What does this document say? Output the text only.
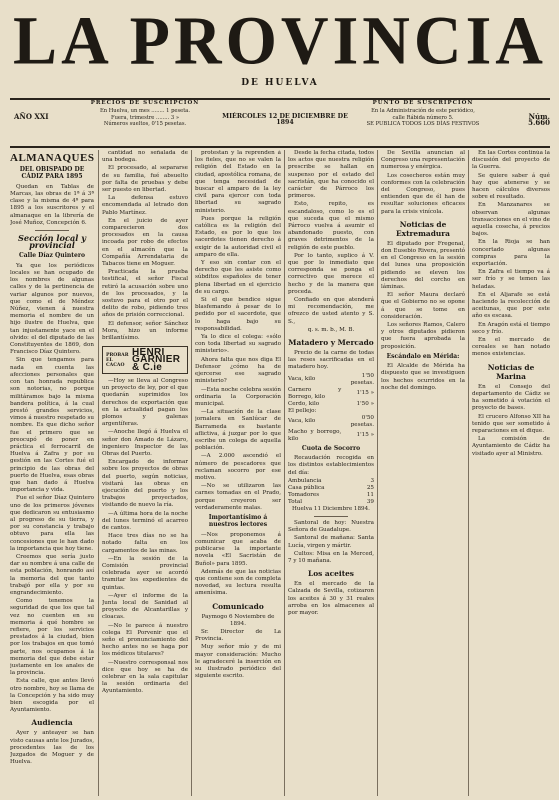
LA PROVINCIA
DE HUELVA
AÑO XXI
PRECIOS DE SUSCRIPCIÓN
En Huelva, un mes ........ 1 peseta.
Fuera, trimestre ........ 3 »
Números sueltos, 0'15 pesetas.
MIÉRCOLES 12 DE DICIEMBRE DE 1894
PUNTO DE SUSCRIPCIÓN
En la Administración de este periódico,
calle Rábida número 5.
SE PUBLICA TODOS LOS DÍAS FESTIVOS
Núm. 5.660
ALMANAQUES
DEL OBISPADO DE CÁDIZ PARA 1895

Quedan en Tablas de Marcas, las obras de 1ª á 3ª clase y la misma de 4ª para 1895 a los suscritores y el almanaque en la librería de José Muñoz, Concepción 6.

Sección local y provincial
Calle Díaz Quintero

Ya que los periódicos locales se han ocupado de los nombres de algunas calles y de la pertinencia de variar algunos por nuevos, que como el de Méndez Núñez, vienen á nuestra memoria el nombre de un hijo ilustre de Huelva, que tan injustamente yace en el olvido: el del diputado de las Constituyentes de 1869, don Francisco Díaz Quintero.

Sin que tengamos para nada en cuenta las afecciones personales que con tan honrada republica son notorias, no porque militáramos bajo la misma bandera política, á la cual prestó grandes servicios, vimos á nuestro respetado su nombre. Es que dicho señor fue el primero que se preocupó de poner en práctica el ferrocarril de Huelva á Zafra y por su gestión en las Cortes fué el principio de las obras del puerto de Huelva, esas obras que han dado á Huelva importancia y vida.

Fue el señor Díaz Quintero uno de los primeros jóvenes que dedicaron su entusiasmo al progreso de su tierra, y por su constancia y trabajo obtuvo para ella las concesiones que le han dado la importancia que hoy tiene.

Creemos que sería justo dar su nombre á una calle de esta población, honrando así la memoria del que tanto trabajó por ella y por su engrandecimiento.

Como tenemos la seguridad de que los que tal vez no cuenten en su memoria á qué hombre se refiere, por los servicios prestados á la ciudad, bien por los trabajos en que tomó parte, nos ocupamos á la memoria del que debe estar justamente en los anales de la provincia.

Esta calle, que antes llevó otro nombre, hoy se llama de la Concepción y ha sido muy bien escogida por el Ayuntamiento.

Audiencia

Ayer y anteayer se han visto causas ante los Jurados, procedentes las de los Juzgados de Moguer y de Huelva.

cantidad no señalada de una bodega.

El procesado, al separarse de su familia, fué absuelto por falta de pruebas y debe ser puesto en libertad.

La defensa estuvo encomendada al letrado don Pablo Martínez.

En el juicio de ayer comparecieron dos procesados en la causa incoada por robo de efectos en el almacén que la Compañía Arrendataria de Tabacos tiene en Moguer.

Practicada la prueba testifical, el señor Fiscal retiró la acusación sobre uno de los procesados, y la sostuvo para el otro por el delito de robo, pidiendo tres años de prisión correccional.

El defensor, señor Sánchez Mora, hizo un informe brillantísimo.

PROBAR EL CACAO
HENRI GARNIER & C.ie

—Hoy se lleva al Congreso un proyecto de ley, por el que quedarán suprimidos los derechos de exportación que en la actualidad pagan los plomos y galenas argentíferas.

—Anoche llegó á Huelva el señor don Amado de Lázaro, ingeniero Inspector de las Obras del Puerto.

Encargado de informar sobre los proyectos de obras del puerto, según noticias, visitará las obras en ejecución del puerto y los trabajos proyectados, visitando de nuevo la ría.

—A última hora de la noche del lunes terminó el acarreo de cantos.

Hace tres días no se ha notado falta en los cargamentos de las minas.

—En la sesión de la Comisión provincial celebrada ayer se acordó tramitar los expedientes de quintas.

—Ayer el informe de la Junta local de Sanidad al proyecto de Alcantarillas y cloacas.

—No le parece á nuestro colega El Porvenir que el seño el pronunciamiento del hecho antes no se haga por los médicos titulares?

—Nuestro corresponsal nos dice que hoy se ha de celebrar en la sala capitular la sesión ordinaria del Ayuntamiento.

protestan y la reprenden á los fieles, que no se valen la religión del Estado en la ciudad, apostólica romana, de que tenga necesidad de buscar el amparo de la ley civil para ejercer con toda libertad su sagrado ministerio.

Pues porque la religión católica es la religión del Estado, es por lo que los sacerdotes tienen derecho á exigir de la autoridad civil el amparo de ella.

Y eso sin contar con el derecho que les asiste como súbditos españoles de tener plena libertad en el ejercicio de su cargo.

Si el que bendice sigue blasfemando á pesar de lo pedido por el sacerdote, que lo haga bajo su responsabilidad.

Ya lo dice el colega: «sólo con toda libertad su sagrado ministerio».

Ahora falta que nos diga El Defensor ¿cómo ha de ejercerse ese sagrado ministerio?

—Esta noche celebra sesión ordinaria la Corporación municipal.

—La situación de la clase jornalera en Sanlúcar de Barrameda es bastante aflictiva, á juzgar por lo que escribe un colega de aquella población.

—A 2.000 ascendió el número de pescadores que reclaman socorro por ese motivo.

—No se utilizaron las carnes tomadas en el Prado, porque creyeron ser verdaderamente malas.

Importantísimo á nuestros lectores

—Nos proponemos á comunicar que acaba de publicarse la importante novela «El Sacristán de Buñol» para 1895.

Además de que las noticias que contiene son de completa novedad, su lectura resulta amenísima.

Comunicado

Paymogo 6 Noviembre de 1894.

Sr. Director de La Provincia.

Muy señor mío y de mi mayor consideración: Mucho le agradeceré la inserción en su ilustrado periódico del siguiente escrito.

Desde la fecha citada, todos los actos que nuestra religión prescribe se hallan en suspenso por el estado del sacristán, que ha conocido el carácter de Párroco los primeros.

Esto, repito, es escandaloso, como lo es el que suceda que el mismo Párroco vuelva á asumir el abandonado puesto, con graves detrimentos de la religión de este pueblo.

Por lo tanto, suplico á V. que por lo inmediato que corresponda se ponga el correctivo que merece el hecho y de la manera que proceda.

Confiado en que atenderá mi recomendación, me ofrezco de usted atento y S. S.,

q. s. m. b., M. B.

Matadero y Mercado

Precio de la carne de todas las reses sacrificadas en el matadero hoy.

Vaca, kilo	1'50 pesetas.
Carnero y Borrego, kilo	1'15 »
Cerdo, kilo	1'50 »
El pellejo:	
Vaca, kilo	0'50 pesetas.
Macho y borrego, kilo	1'15 »
Cuota de Socorro

Recaudación recogida en los distintos establecimientos del día:

Ambulancia	3
Casa pública	25
Tomadores	11
Total	39

Huelva 11 Diciembre 1894.

Santoral de hoy: Nuestra Señora de Guadalupe.

Santoral de mañana: Santa Lucía, virgen y mártir.

Cultos: Misa en la Merced, 7 y 10 mañana.

Los aceites

En el mercado de la Calzada de Sevilla, cotizaron los aceites á 30 y 31 reales arroba en los almacenes al por mayor.

De Sevilla anuncian al Congreso una representación numerosa y enérgica.

Los cosecheros están muy conformes con la celebración del Congreso, pues entienden que de él han de resultar soluciones eficaces para la crisis vinícola.

Noticias de Extremadura

El diputado por Fregenal, don Eusebio Rivera, presentó en el Congreso en la sesión del lunes una proposición pidiendo se eleven los derechos del corcho en láminas.

El señor Maura declaró que el Gobierno no se opone á que se tome en consideración.

Los señores Ramos, Calero y otros diputados pidieron que fuera aprobada la proposición.

Escándalo en Mérida:

El Alcalde de Mérida ha dispuesto que se investiguen los hechos ocurridos en la noche del domingo.

En las Cortes continúa la discusión del proyecto de la Guerra.

Se quiere saber á qué hay que atenerse y se hacen cálculos diversos sobre el resultado.

En Manzanares se observan algunas transacciones en el vino de aquella cosecha, á precios bajos.

En la Rioja se han concertado algunas compras para la exportación.

En Zafra el tiempo va á ser frío y se temen las heladas.

En el Aljarafe se está haciendo la recolección de aceitunas, que por este año es escasa.

En Aragón está el tiempo seco y frío.

En el mercado de cereales se han notado menos existencias.

Noticias de Marina

En el Consejo del departamento de Cádiz se ha sometido á votación el proyecto de bases.

El crucero Alfonso XII ha tenido que ser sometido á reparaciones en el dique.

La comisión de Ayuntamiento de Cádiz ha visitado ayer al Ministro.
